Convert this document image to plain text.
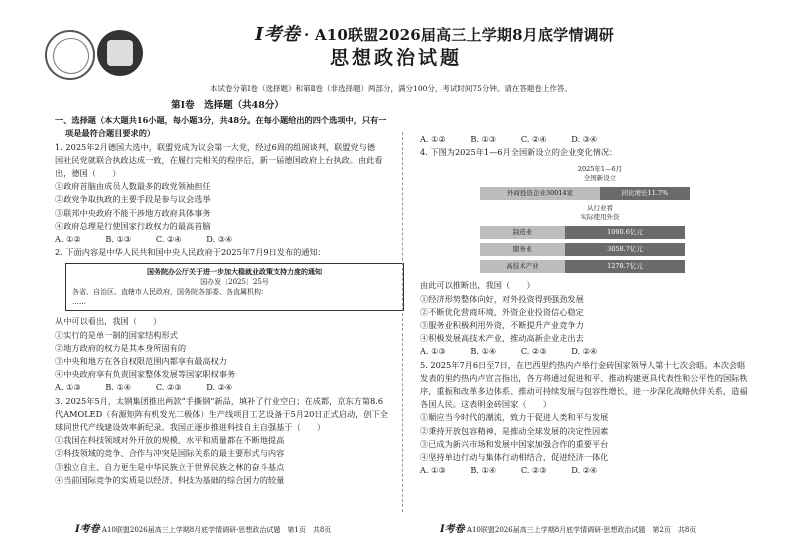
I考卷 · A10联盟2026届高三上学期8月底学情调研
思想政治试题
本试卷分第Ⅰ卷（选择题）和第Ⅱ卷（非选择题）两部分，满分100分，考试时间75分钟。请在答题卷上作答。
第Ⅰ卷　选择题（共48分）

一、选择题（本大题共16小题，每小题3分，共48分。在每小题给出的四个选项中，只有一

项是最符合题目要求的）

1. 2025年2月德国大选中，联盟党成为议会第一大党，经过6周的组阁谈判，联盟党与德

国社民党就联合执政达成一致，在履行完相关的程序后，新一届德国政府上台执政。由此看

出，德国（　　）

①政府首脑由成员人数最多的政党领袖担任

②政党争取执政的主要手段是参与议会选举

③联邦中央政府不能干涉地方政府具体事务

④政府总理是行使国家行政权力的最高首脑

A. ①②　　　B. ①③　　　C. ②④　　　D. ③④

2. 下面内容是中华人民共和国中央人民政府于2025年7月9日发布的通知：

国务院办公厅关于进一步加大稳就业政策支持力度的通知
国办发〔2025〕25号
各省、自治区、直辖市人民政府，国务院各部委、各直属机构：
……

从中可以看出，我国（　　）

①实行的是单一制的国家结构形式

②地方政府的权力是其本身所固有的

③中央和地方在各自权限范围内都享有最高权力

④中央政府享有负责国家整体发展等国家职权事务

A. ①③　　　B. ①④　　　C. ②③　　　D. ②④

3. 2025年5月，太钢集团推出两款“手撕钢”新品，填补了行业空白；在成都，京东方第8.6

代AMOLED（有源矩阵有机发光二极体）生产线项目工艺设备于5月20日正式启动，创下全

球同世代产线建设效率新纪录。我国正逐步推进科技自主自强基于（　　）

①我国在科技领域对外开放的规模、水平和质量都在不断地提高

②科技领域的竞争、合作与冲突是国际关系的最主要形式与内容

③独立自主、自力更生是中华民族立于世界民族之林的奋斗基点

④当前国际竞争的实质是以经济、科技为基础的综合国力的较量

A. ①②　　　B. ①③　　　C. ②④　　　D. ③④

4. 下图为2025年1—6月全国新设立的企业变化情况：

2025年1—6月
全国新设立
外商投资企业30014家	同比增长11.7%
从行业看
实际使用外资
制造业	1090.6亿元
服务业	3058.7亿元
高技术产业	1278.7亿元

由此可以推断出，我国（　　）

①经济形势整体向好，对外投资得到强劲发展

②不断优化营商环境，外资企业投资信心稳定

③服务业积极利用外资，不断提升产业竞争力

④积极发展高技术产业，推动高新企业走出去

A. ①③　　　B. ①④　　　C. ②③　　　D. ②④

5. 2025年7月6日至7日，在巴西里约热内卢举行金砖国家领导人第十七次会晤。本次会晤

发表的里约热内卢宣言指出，各方将通过促进和平、推动构建更具代表性和公平性的国际秩

序，重振和改革多边体系、推动可持续发展与包容性增长，进一步深化战略伙伴关系，造福

各国人民。这表明金砖国家（　　）

①顺应当今时代的潮流，致力于促进人类和平与发展

②秉持开放包容精神，是推动全球发展的决定性因素

③已成为新兴市场和发展中国家加强合作的重要平台

④坚持单边行动与集体行动相结合，促进经济一体化

A. ①③　　　B. ①④　　　C. ②③　　　D. ②④

I考卷 A10联盟2026届高三上学期8月底学情调研·思想政治试题　第1页　共8页	I考卷 A10联盟2026届高三上学期8月底学情调研·思想政治试题　第2页　共8页
